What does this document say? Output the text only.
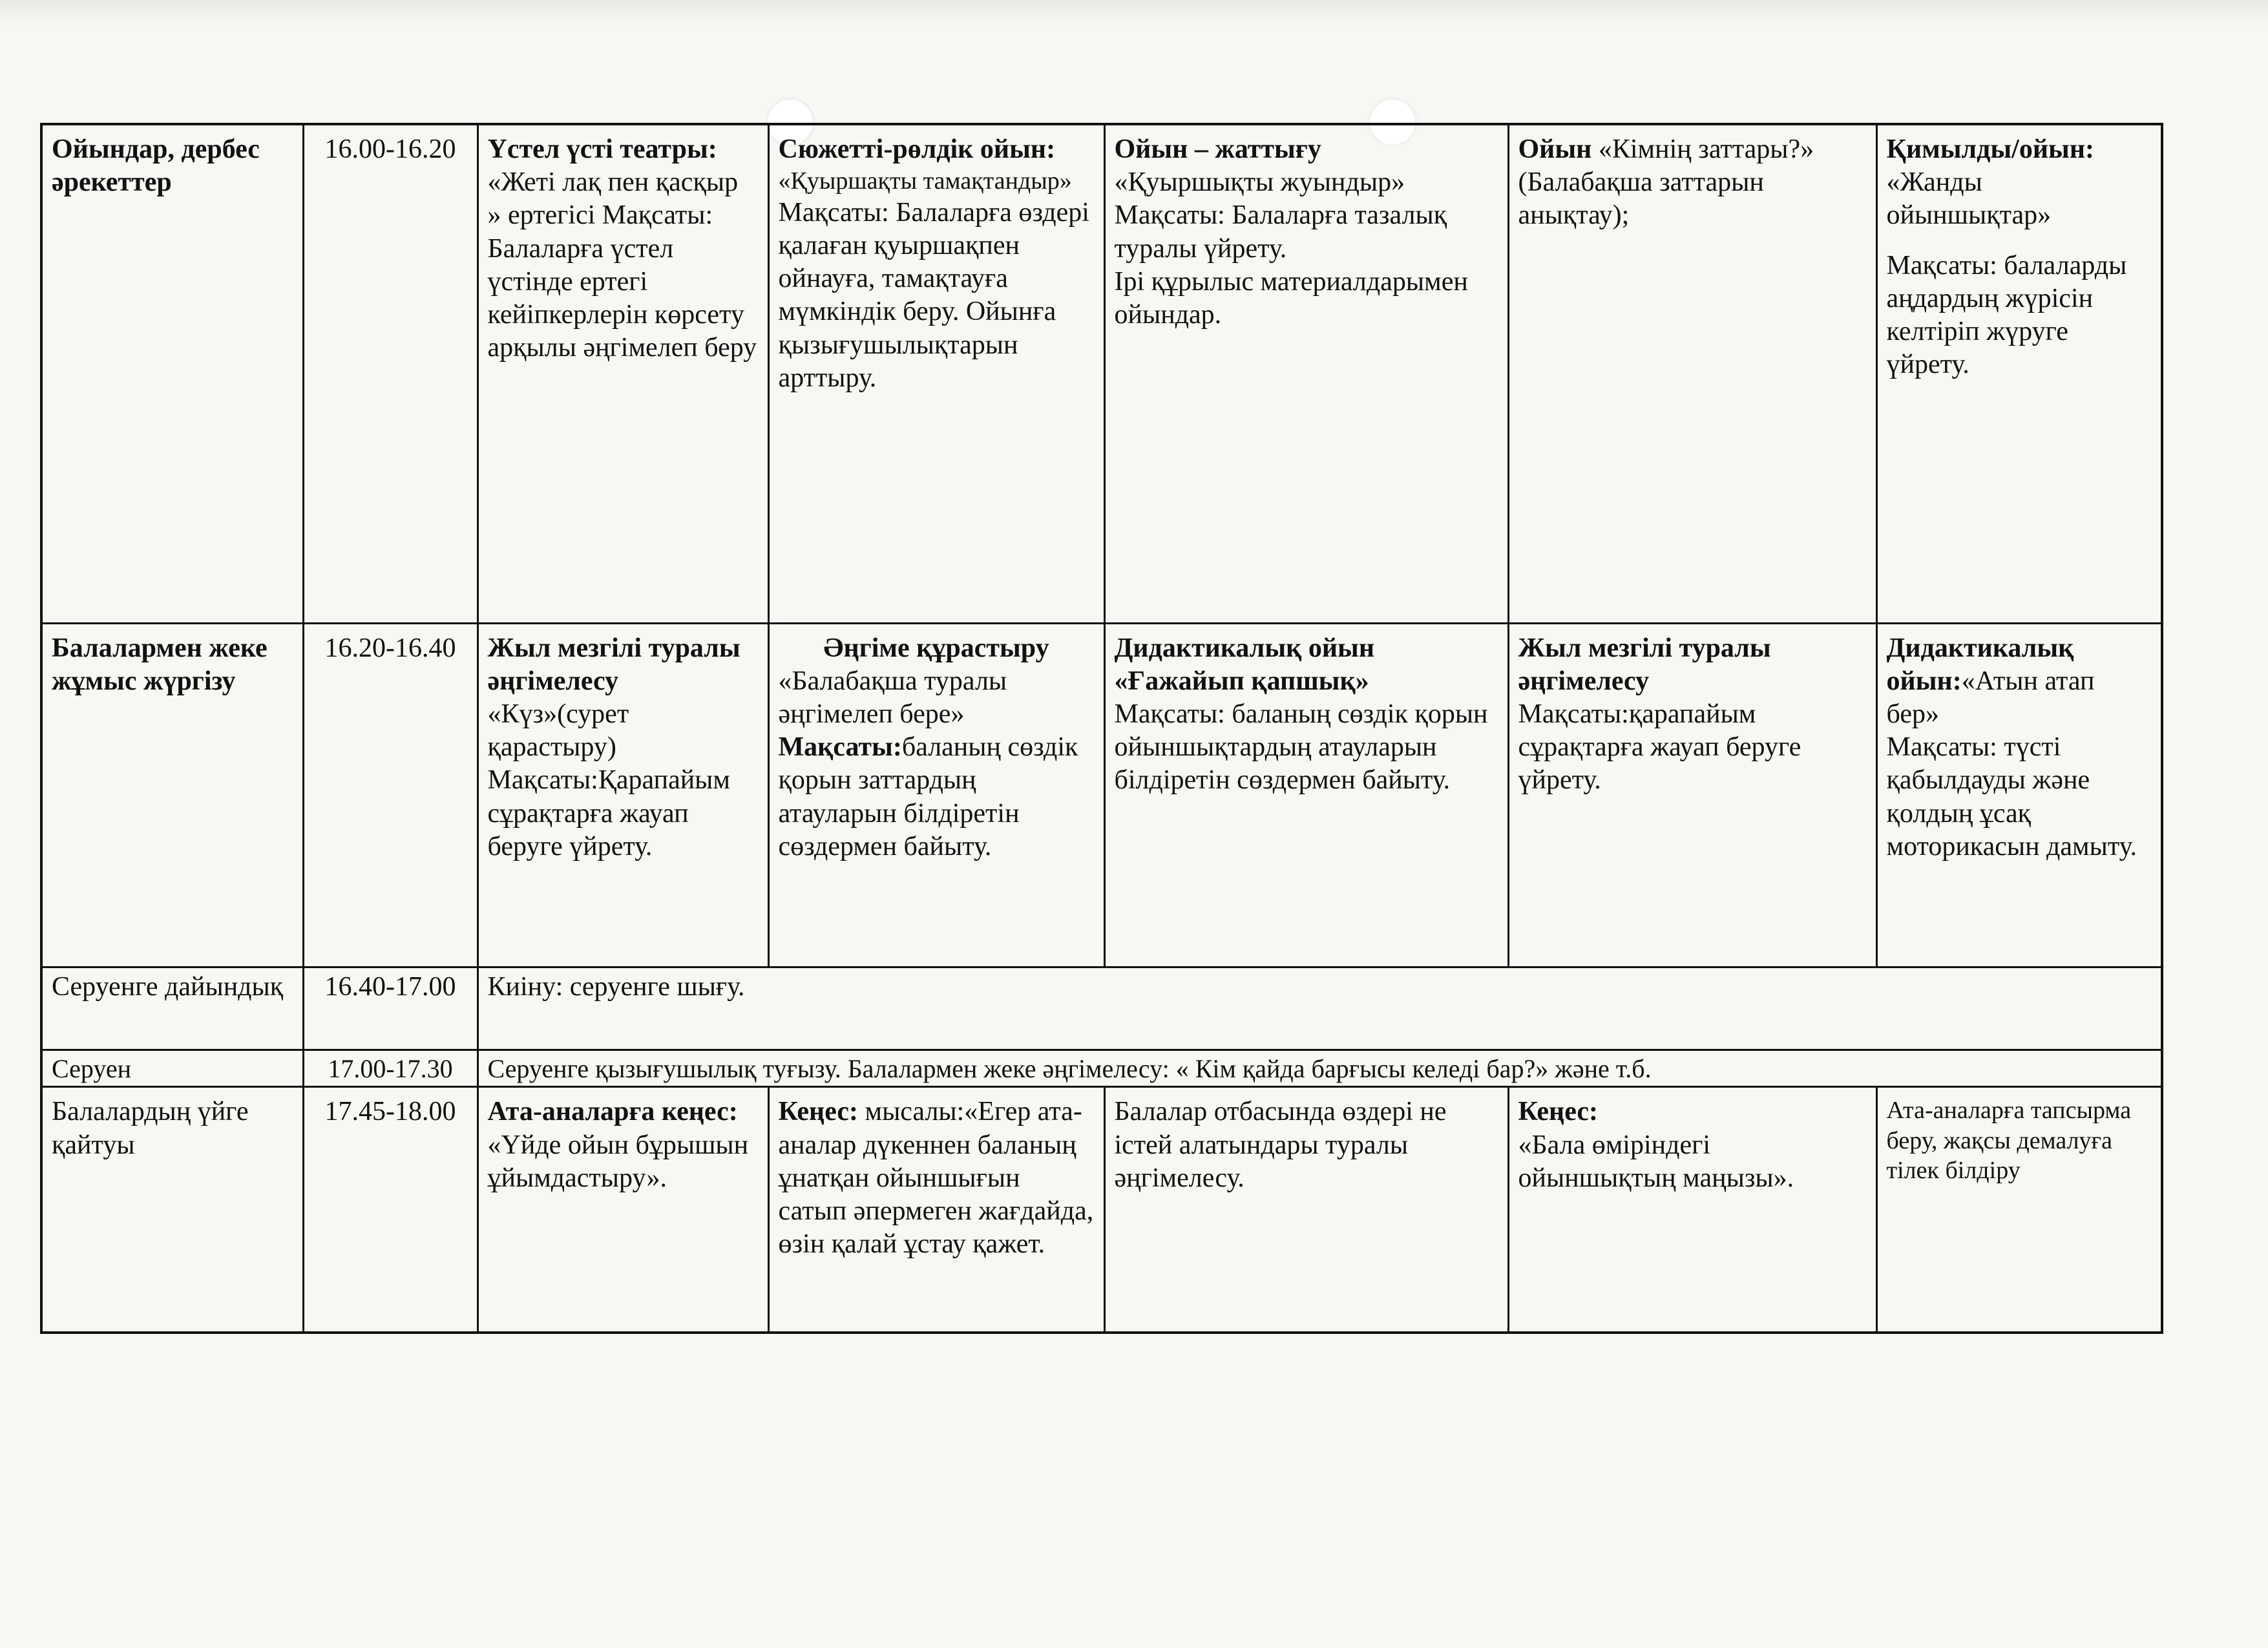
Ойындар, дербес әрекеттер	16.00-16.20	Үстел үсті театры:
«Жеті лақ пен қасқыр » ертегісі Мақсаты: Балаларға үстел үстінде ертегі кейіпкерлерін көрсету арқылы әңгімелеп беру	Сюжетті-рөлдік ойын:
«Қуыршақты тамақтандыр»
Мақсаты: Балаларға өздері қалаған қуыршақпен ойнауға, тамақтауға мүмкіндік беру. Ойынға қызығушылықтарын арттыру.	Ойын – жаттығу
«Қуыршықты жуындыр» Мақсаты: Балаларға тазалық туралы үйрету.
Ірі құрылыс материалдарымен ойындар.	Ойын «Кімнің заттары?» (Балабақша заттарын анықтау);	Қимылды/ойын:
«Жанды ойыншықтар»
Мақсаты: балаларды аңдардың жүрісін келтіріп жүруге үйрету.

Балалармен жеке жұмыс жүргізу	16.20-16.40	Жыл мезгілі туралы әңгімелесу
«Күз»(сурет қарастыру) Мақсаты:Қарапайым сұрақтарға жауап беруге үйрету.	Әңгіме құрастыру
«Балабақша туралы әңгімелеп бере»
Мақсаты:баланың сөздік қорын заттардың атауларын білдіретін сөздермен байыту.	Дидактикалық ойын «Ғажайып қапшық»
Мақсаты: баланың сөздік қорын ойыншықтардың атауларын білдіретін сөздермен байыту.	Жыл мезгілі туралы әңгімелесу
Мақсаты:қарапайым сұрақтарға жауап беруге үйрету.	Дидактикалық ойын:«Атын атап бер»
Мақсаты: түсті қабылдауды және қолдың ұсақ моторикасын дамыту.

Серуенге дайындық	16.40-17.00	Киіну: серуенге шығу.				
Серуен	17.00-17.30	Серуенге қызығушылық туғызу. Балалармен жеке әңгімелесу: « Кім қайда барғысы келеді бар?» және т.б.				
Балалардың үйге қайтуы	17.45-18.00	Ата-аналарға кеңес:
«Үйде ойын бұрышын ұйымдастыру».	Кеңес: мысалы:«Егер ата-аналар дүкеннен баланың ұнатқан ойыншығын сатып әпермеген жағдайда, өзін қалай ұстау қажет.	Балалар отбасында өздері не істей алатындары туралы әңгімелесу.	Кеңес:
«Бала өміріндегі ойыншықтың маңызы».	Ата-аналарға тапсырма беру, жақсы демалуға тілек білдіру
